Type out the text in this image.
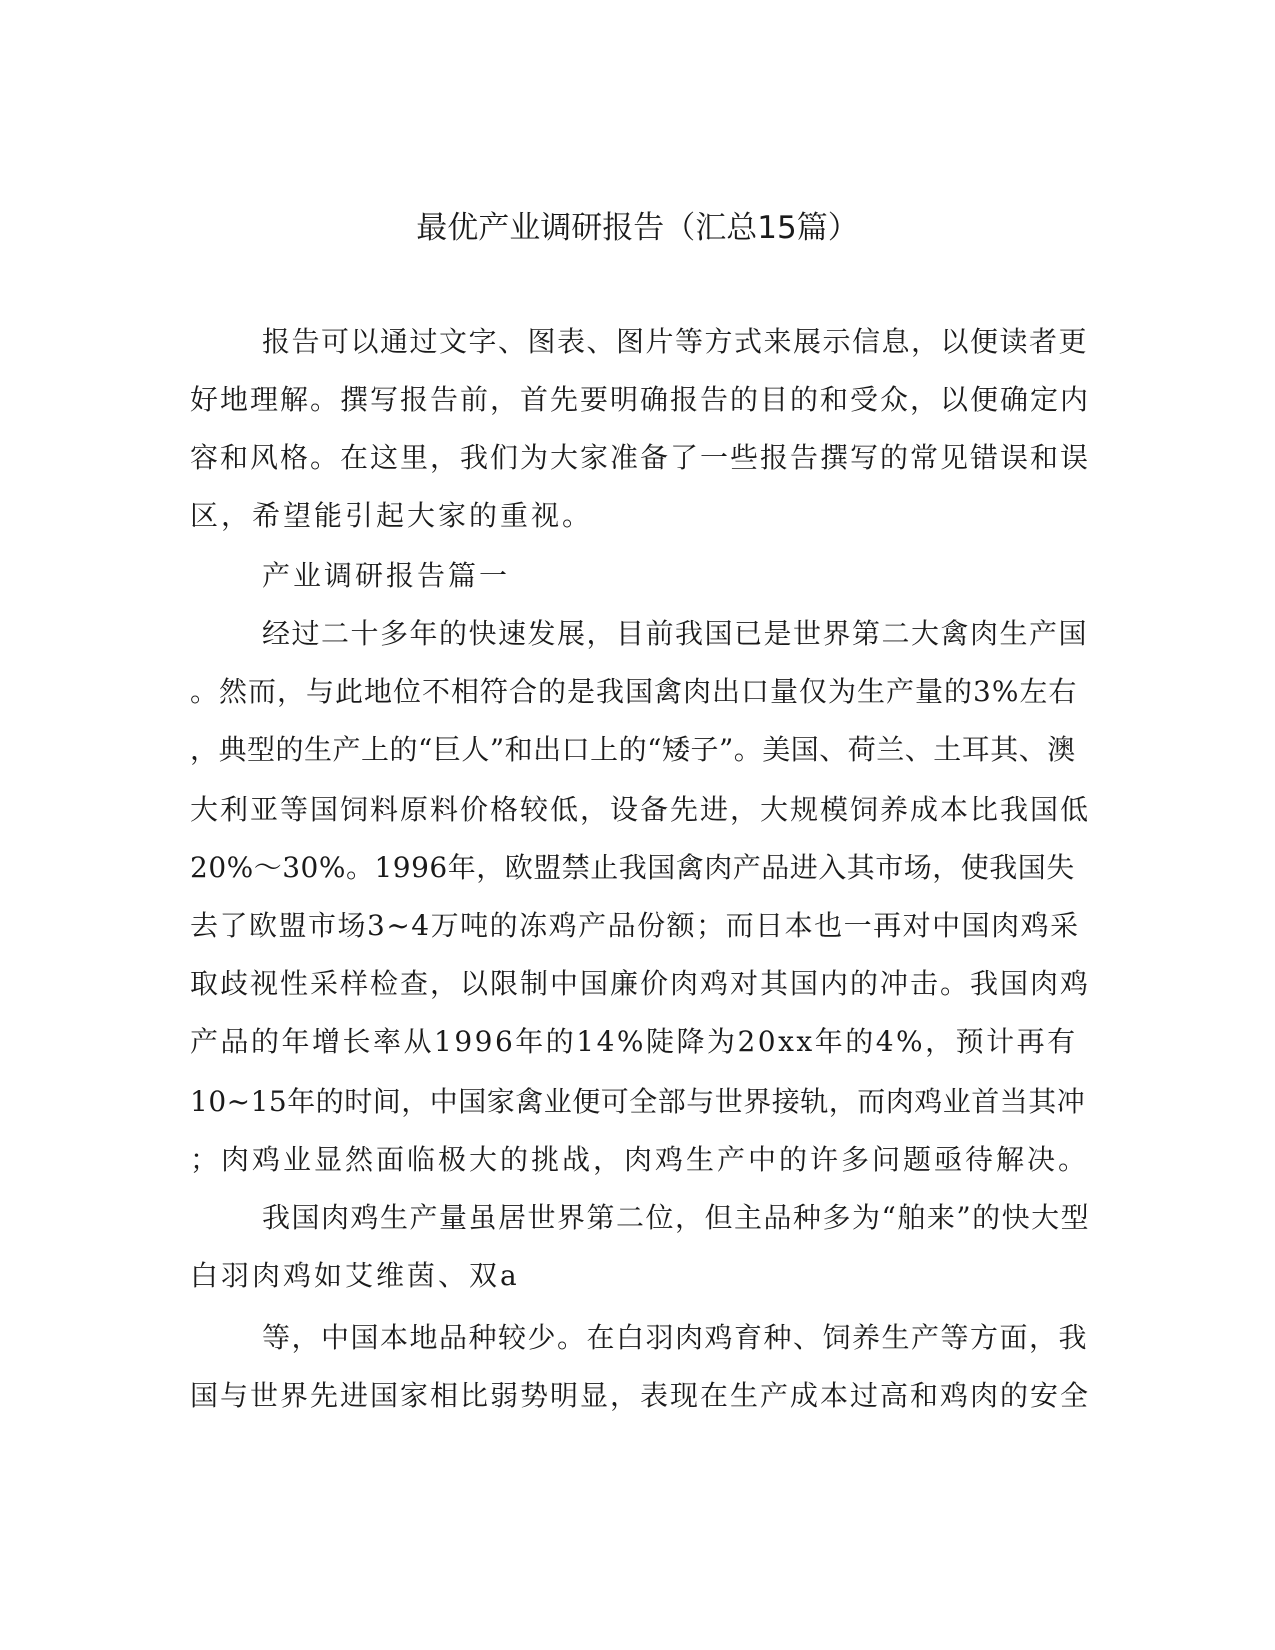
最优产业调研报告（汇总15篇）
报告可以通过文字、图表、图片等方式来展示信息，以便读者更
好地理解。撰写报告前，首先要明确报告的目的和受众，以便确定内
容和风格。在这里，我们为大家准备了一些报告撰写的常见错误和误
区，希望能引起大家的重视。
产业调研报告篇一
经过二十多年的快速发展，目前我国已是世界第二大禽肉生产国
。然而，与此地位不相符合的是我国禽肉出口量仅为生产量的3%左右
，典型的生产上的“巨人”和出口上的“矮子”。美国、荷兰、土耳其、澳
大利亚等国饲料原料价格较低，设备先进，大规模饲养成本比我国低
20%～30%。1996年，欧盟禁止我国禽肉产品进入其市场，使我国失
去了欧盟市场3~4万吨的冻鸡产品份额；而日本也一再对中国肉鸡采
取歧视性采样检查，以限制中国廉价肉鸡对其国内的冲击。我国肉鸡
产品的年增长率从1996年的14%陡降为20xx年的4%，预计再有
10~15年的时间，中国家禽业便可全部与世界接轨，而肉鸡业首当其冲
；肉鸡业显然面临极大的挑战，肉鸡生产中的许多问题亟待解决。
我国肉鸡生产量虽居世界第二位，但主品种多为“舶来”的快大型
白羽肉鸡如艾维茵、双a
等，中国本地品种较少。在白羽肉鸡育种、饲养生产等方面，我
国与世界先进国家相比弱势明显，表现在生产成本过高和鸡肉的安全
